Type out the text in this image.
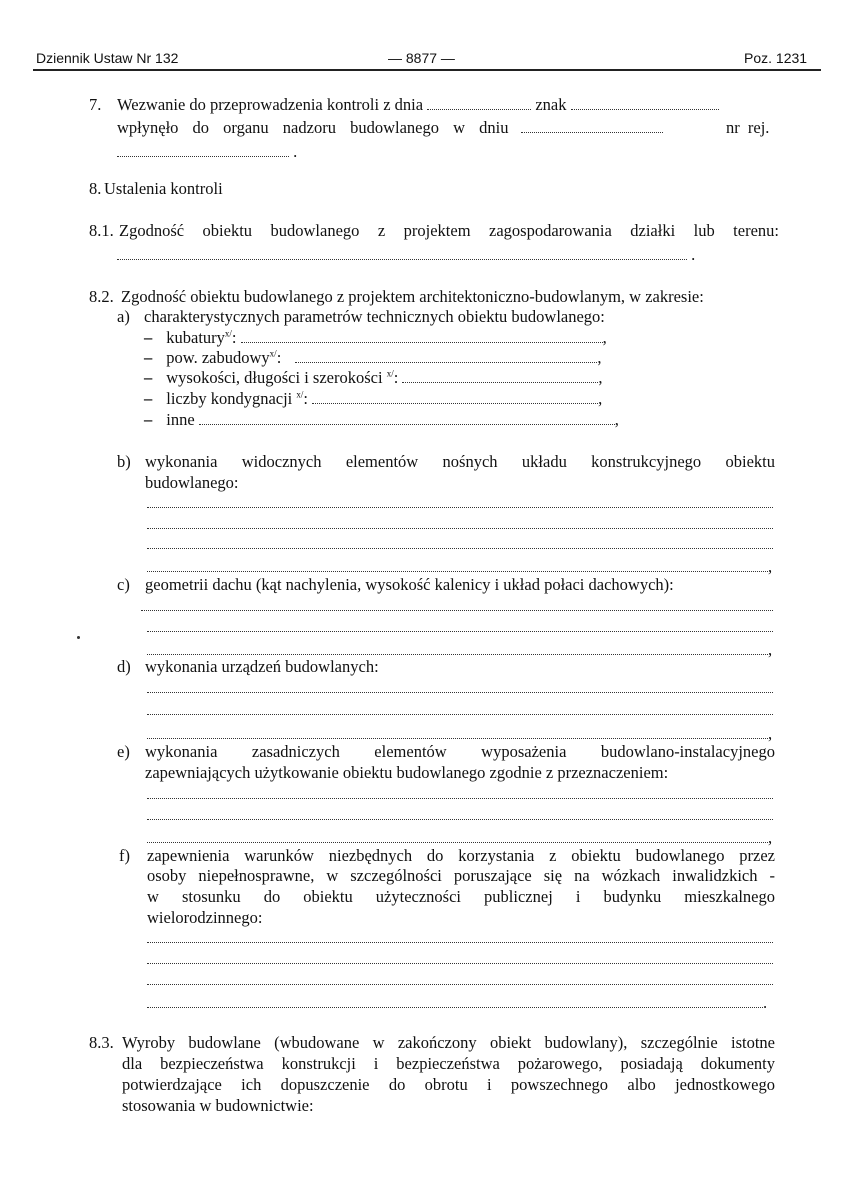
Dziennik Ustaw Nr 132	— 8877 —	Poz. 1231
7. Wezwanie do przeprowadzenia kontroli z dnia	znak
wpłynęło do organu nadzoru budowlanego w dniu	nr rej.
.
8. Ustalenia kontroli
8.1. Zgodność obiektu budowlanego z projektem zagospodarowania działki lub terenu:
.
8.2. Zgodność obiektu budowlanego z projektem architektoniczno-budowlanym, w zakresie:
a) charakterystycznych parametrów technicznych obiektu budowlanego:
– kubatury$^{x/}$:	,
– pow. zabudowy$^{x/}$:	,
– wysokości, długości i szerokości $^{x/}$:	,
– liczby kondygnacji $^{x/}$:	,
– inne	,
b) wykonania widocznych elementów nośnych układu konstrukcyjnego obiektu
budowlanego:
,
c) geometrii dachu (kąt nachylenia, wysokość kalenicy i układ połaci dachowych):
,
d) wykonania urządzeń budowlanych:
,
e) wykonania zasadniczych elementów wyposażenia budowlano-instalacyjnego
zapewniających użytkowanie obiektu budowlanego zgodnie z przeznaczeniem:
,
f) zapewnienia warunków niezbędnych do korzystania z obiektu budowlanego przez
osoby niepełnosprawne, w szczególności poruszające się na wózkach inwalidzkich -
w stosunku do obiektu użyteczności publicznej i budynku mieszkalnego
wielorodzinnego:
.
8.3. Wyroby budowlane (wbudowane w zakończony obiekt budowlany), szczególnie istotne
dla bezpieczeństwa konstrukcji i bezpieczeństwa pożarowego, posiadają dokumenty
potwierdzające ich dopuszczenie do obrotu i powszechnego albo jednostkowego
stosowania w budownictwie:
